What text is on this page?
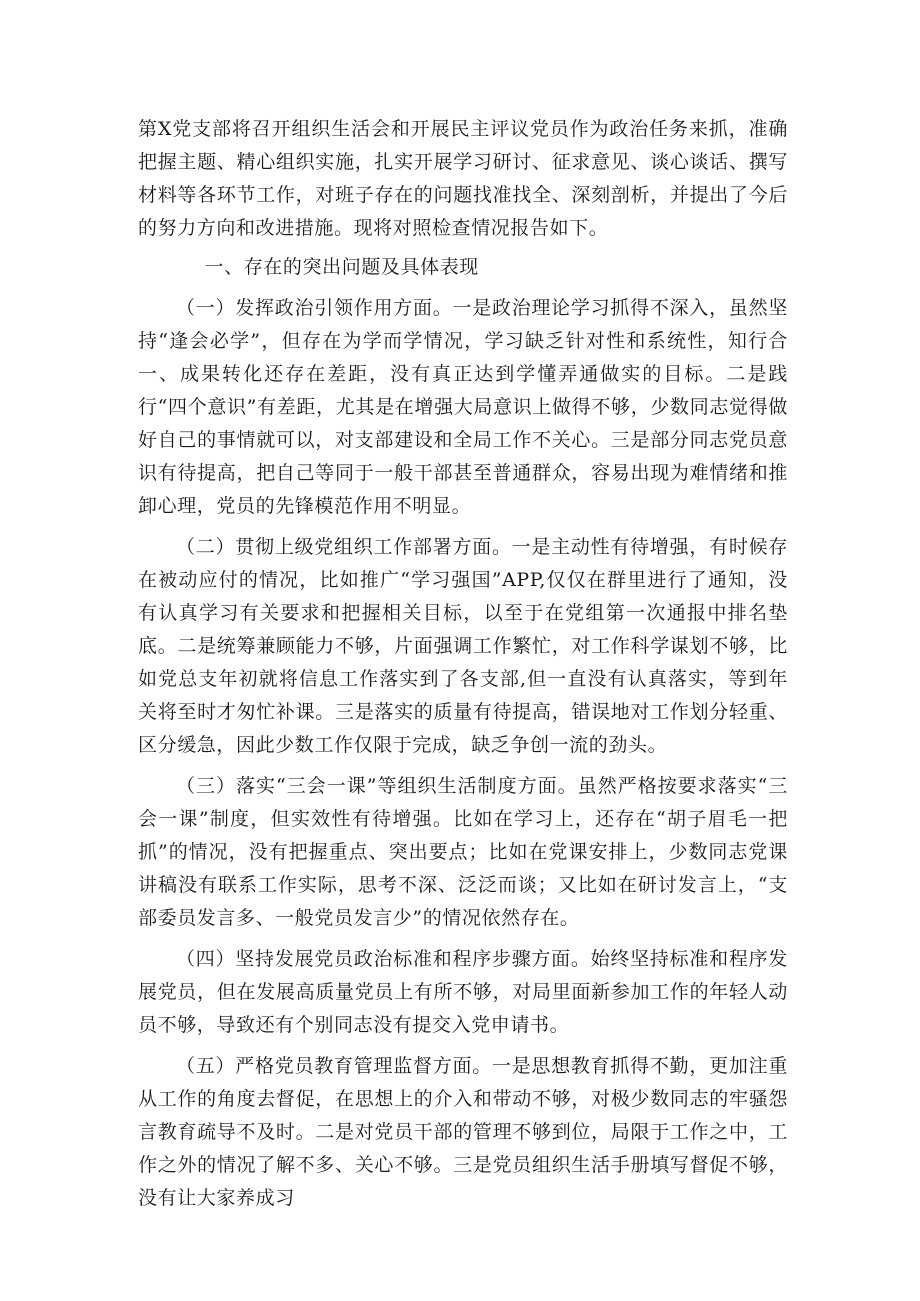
第X党支部将召开组织生活会和开展民主评议党员作为政治任务来抓，准确把握主题、精心组织实施，扎实开展学习研讨、征求意见、谈心谈话、撰写材料等各环节工作，对班子存在的问题找准找全、深刻剖析，并提出了今后的努力方向和改进措施。现将对照检查情况报告如下。

一、存在的突出问题及具体表现

（一）发挥政治引领作用方面。一是政治理论学习抓得不深入，虽然坚持“逢会必学”，但存在为学而学情况，学习缺乏针对性和系统性，知行合一、成果转化还存在差距，没有真正达到学懂弄通做实的目标。二是践行“四个意识”有差距，尤其是在增强大局意识上做得不够，少数同志觉得做好自己的事情就可以，对支部建设和全局工作不关心。三是部分同志党员意识有待提高，把自己等同于一般干部甚至普通群众，容易出现为难情绪和推卸心理，党员的先锋模范作用不明显。

（二）贯彻上级党组织工作部署方面。一是主动性有待增强，有时候存在被动应付的情况，比如推广“学习强国”APP,仅仅在群里进行了通知，没有认真学习有关要求和把握相关目标，以至于在党组第一次通报中排名垫底。二是统筹兼顾能力不够，片面强调工作繁忙，对工作科学谋划不够，比如党总支年初就将信息工作落实到了各支部,但一直没有认真落实，等到年关将至时才匆忙补课。三是落实的质量有待提高，错误地对工作划分轻重、区分缓急，因此少数工作仅限于完成，缺乏争创一流的劲头。

（三）落实“三会一课”等组织生活制度方面。虽然严格按要求落实“三会一课”制度，但实效性有待增强。比如在学习上，还存在“胡子眉毛一把抓”的情况，没有把握重点、突出要点；比如在党课安排上，少数同志党课讲稿没有联系工作实际，思考不深、泛泛而谈；又比如在研讨发言上，“支部委员发言多、一般党员发言少”的情况依然存在。

（四）坚持发展党员政治标准和程序步骤方面。始终坚持标准和程序发展党员，但在发展高质量党员上有所不够，对局里面新参加工作的年轻人动员不够，导致还有个别同志没有提交入党申请书。

（五）严格党员教育管理监督方面。一是思想教育抓得不勤，更加注重从工作的角度去督促，在思想上的介入和带动不够，对极少数同志的牢骚怨言教育疏导不及时。二是对党员干部的管理不够到位，局限于工作之中，工作之外的情况了解不多、关心不够。三是党员组织生活手册填写督促不够，没有让大家养成习
